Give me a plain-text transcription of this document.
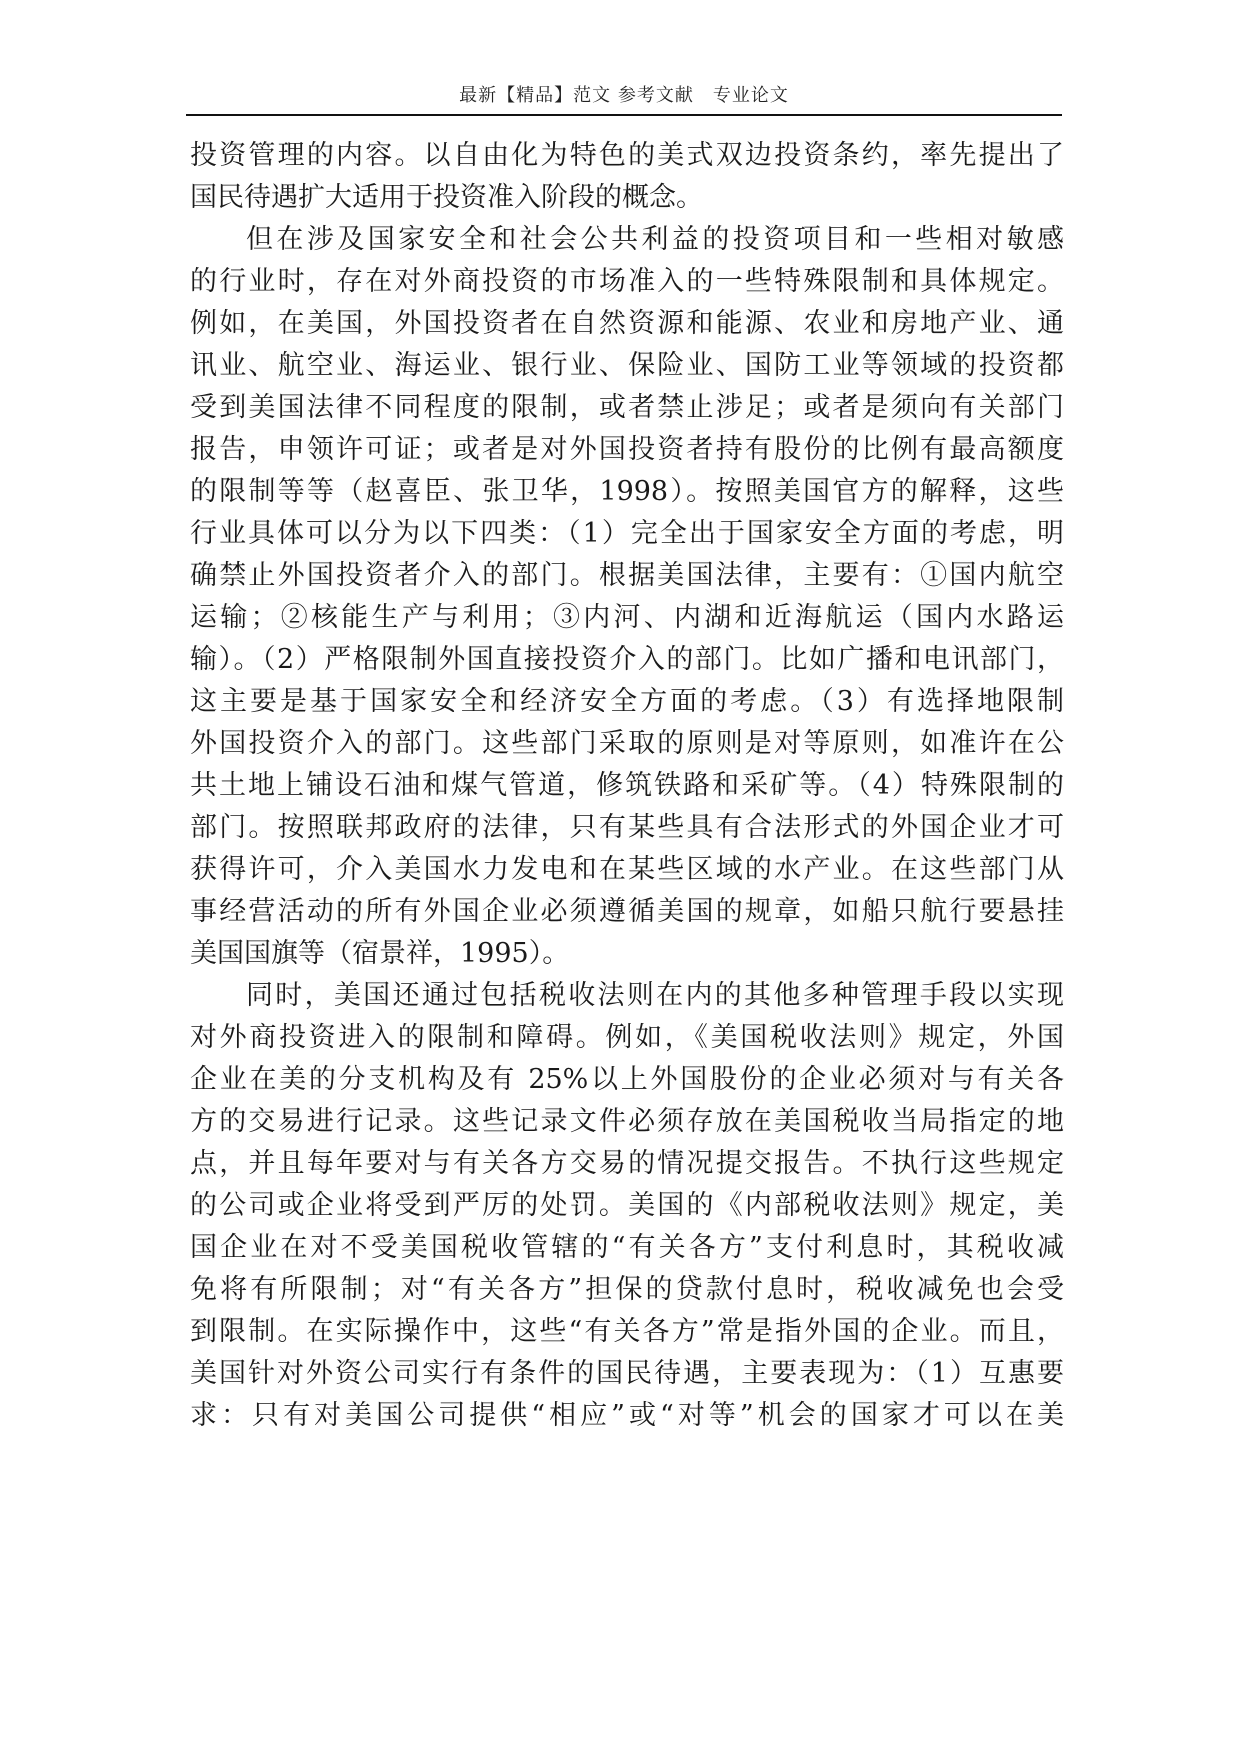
最新【精品】范文 参考文献　专业论文
投资管理的内容。以自由化为特色的美式双边投资条约，率先提出了
国民待遇扩大适用于投资准入阶段的概念。
但在涉及国家安全和社会公共利益的投资项目和一些相对敏感
的行业时，存在对外商投资的市场准入的一些特殊限制和具体规定。
例如，在美国，外国投资者在自然资源和能源、农业和房地产业、通
讯业、航空业、海运业、银行业、保险业、国防工业等领域的投资都
受到美国法律不同程度的限制，或者禁止涉足；或者是须向有关部门
报告，申领许可证；或者是对外国投资者持有股份的比例有最高额度
的限制等等（赵喜臣、张卫华，1998）。按照美国官方的解释，这些
行业具体可以分为以下四类：（1）完全出于国家安全方面的考虑，明
确禁止外国投资者介入的部门。根据美国法律，主要有：①国内航空
运输；②核能生产与利用；③内河、内湖和近海航运（国内水路运
输）。（2）严格限制外国直接投资介入的部门。比如广播和电讯部门，
这主要是基于国家安全和经济安全方面的考虑。（3）有选择地限制
外国投资介入的部门。这些部门采取的原则是对等原则，如准许在公
共土地上铺设石油和煤气管道，修筑铁路和采矿等。（4）特殊限制的
部门。按照联邦政府的法律，只有某些具有合法形式的外国企业才可
获得许可，介入美国水力发电和在某些区域的水产业。在这些部门从
事经营活动的所有外国企业必须遵循美国的规章，如船只航行要悬挂
美国国旗等（宿景祥，1995）。
同时，美国还通过包括税收法则在内的其他多种管理手段以实现
对外商投资进入的限制和障碍。例如，《美国税收法则》规定，外国
企业在美的分支机构及有 25%以上外国股份的企业必须对与有关各
方的交易进行记录。这些记录文件必须存放在美国税收当局指定的地
点，并且每年要对与有关各方交易的情况提交报告。不执行这些规定
的公司或企业将受到严厉的处罚。美国的《内部税收法则》规定，美
国企业在对不受美国税收管辖的“有关各方”支付利息时，其税收减
免将有所限制；对“有关各方”担保的贷款付息时，税收减免也会受
到限制。在实际操作中，这些“有关各方”常是指外国的企业。而且，
美国针对外资公司实行有条件的国民待遇，主要表现为：（1）互惠要
求：只有对美国公司提供“相应”或“对等”机会的国家才可以在美
